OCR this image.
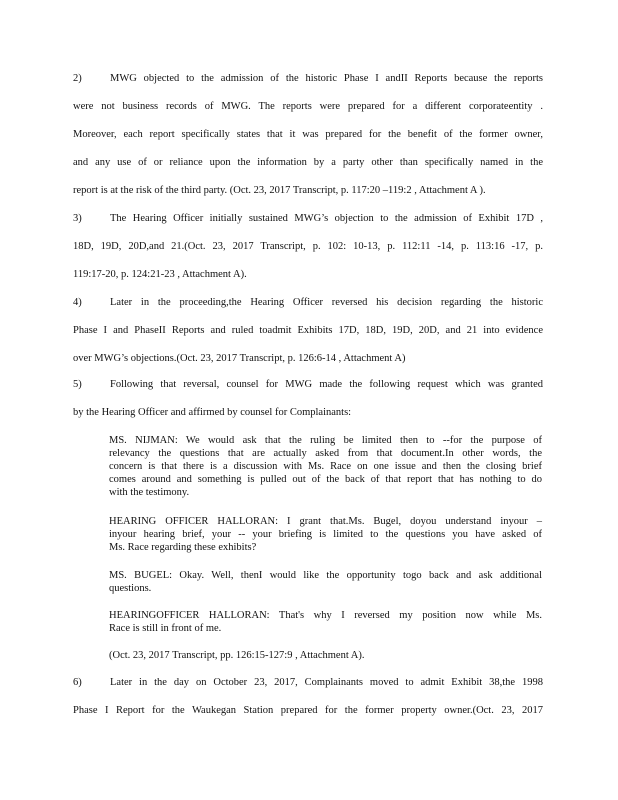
2)	MWG objected to the admission of the historic Phase I andII Reports because the reports
were not business records of MWG. The reports were prepared for a different corporateentity .
Moreover, each report specifically states that it was prepared for the benefit of the former owner,
and any use of or reliance upon the information by a party other than specifically named in the
report is at the risk of the third party. (Oct. 23, 2017 Transcript, p. 117:20 –119:2 , Attachment A ).
3)	The Hearing Officer initially sustained MWG’s objection to the admission of Exhibit 17D ,
18D, 19D, 20D,and 21.(Oct. 23, 2017 Transcript, p. 102: 10-13, p. 112:11 -14, p. 113:16 -17, p.
119:17-20, p. 124:21-23 , Attachment A).
4)	Later in the proceeding,the Hearing Officer reversed his decision regarding the historic
Phase I and PhaseII Reports and ruled toadmit Exhibits 17D, 18D, 19D, 20D, and 21 into evidence
over MWG’s objections.(Oct. 23, 2017 Transcript, p. 126:6-14 , Attachment A)
5)	Following that reversal, counsel for MWG made the following request which was granted
by the Hearing Officer and affirmed by counsel for Complainants:
MS. NIJMAN: We would ask that the ruling be limited then to --for the purpose of
relevancy the questions that are actually asked from that document.In other words, the
concern is that there is a discussion with Ms. Race on one issue and then the closing brief
comes around and something is pulled out of the back of that report that has nothing to do
with the testimony.
HEARING OFFICER HALLORAN: I grant that.Ms. Bugel, doyou understand inyour –
inyour hearing brief, your -- your briefing is limited to the questions you have asked of
Ms. Race regarding these exhibits?
MS. BUGEL: Okay. Well, thenI would like the opportunity togo back and ask additional
questions.
HEARINGOFFICER HALLORAN: That's why I reversed my position now while Ms.
Race is still in front of me.
(Oct. 23, 2017 Transcript, pp. 126:15-127:9 , Attachment A).
6)	Later in the day on October 23, 2017, Complainants moved to admit Exhibit 38,the 1998
Phase I Report for the Waukegan Station prepared for the former property owner.(Oct. 23, 2017
